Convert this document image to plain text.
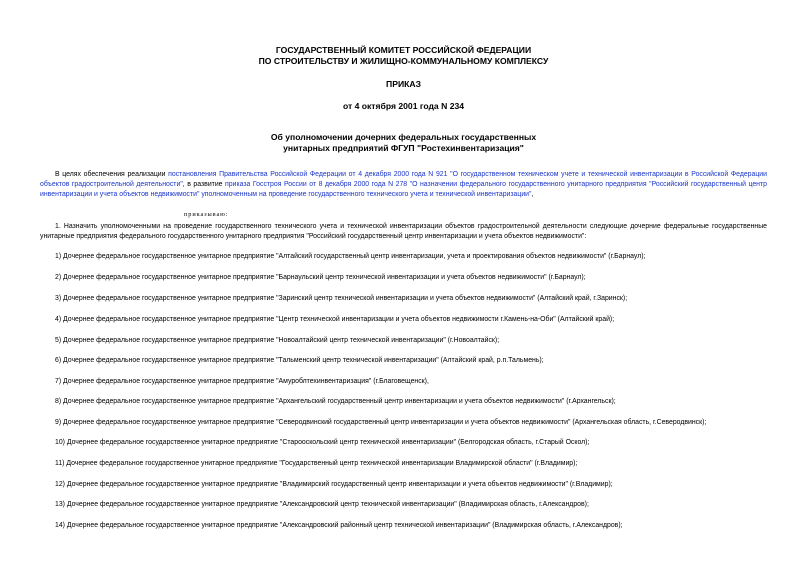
ГОСУДАРСТВЕННЫЙ КОМИТЕТ РОССИЙСКОЙ ФЕДЕРАЦИИ
ПО СТРОИТЕЛЬСТВУ И ЖИЛИЩНО-КОММУНАЛЬНОМУ КОМПЛЕКСУ
ПРИКАЗ
от 4 октября 2001 года N 234
Об уполномочении дочерних федеральных государственных
унитарных предприятий ФГУП "Ростехинвентаризация"
В целях обеспечения реализации постановления Правительства Российской Федерации от 4 декабря 2000 года N 921 "О государственном техническом учете и технической инвентаризации в Российской Федерации объектов градостроительной деятельности", в развитие приказа Госстроя России от 8 декабря 2000 года N 278 "О назначении федерального государственного унитарного предприятия "Российский государственный центр инвентаризации и учета объектов недвижимости" уполномоченным на проведение государственного технического учета и технической инвентаризации",
приказываю:
1. Назначить уполномоченными на проведение государственного технического учета и технической инвентаризации объектов градостроительной деятельности следующие дочерние федеральные государственные унитарные предприятия федерального государственного унитарного предприятия "Российский государственный центр инвентаризации и учета объектов недвижимости":
1) Дочернее федеральное государственное унитарное предприятие "Алтайский государственный центр инвентаризации, учета и проектирования объектов недвижимости" (г.Барнаул);
2) Дочернее федеральное государственное унитарное предприятие "Барнаульский центр технической инвентаризации и учета объектов недвижимости" (г.Барнаул);
3) Дочернее федеральное государственное унитарное предприятие "Заринский центр технической инвентаризации и учета объектов недвижимости" (Алтайский край, г.Заринск);
4) Дочернее федеральное государственное унитарное предприятие "Центр технической инвентаризации и учета объектов недвижимости г.Камень-на-Оби" (Алтайский край);
5) Дочернее федеральное государственное унитарное предприятие "Новоалтайский центр технической инвентаризации" (г.Новоалтайск);
6) Дочернее федеральное государственное унитарное предприятие "Тальменский центр технической инвентаризации" (Алтайский край, р.п.Тальмень);
7) Дочернее федеральное государственное унитарное предприятие "Амуроблтехинвентаризация" (г.Благовещенск),
8) Дочернее федеральное государственное унитарное предприятие "Архангельский государственный центр инвентаризации и учета объектов недвижимости" (г.Архангельск);
9) Дочернее федеральное государственное унитарное предприятие "Северодвинский государственный центр инвентаризации и учета объектов недвижимости" (Архангельская область, г.Северодвинск);
10) Дочернее федеральное государственное унитарное предприятие "Старооскольский центр технической инвентаризации" (Белгородская область, г.Старый Оскол);
11) Дочернее федеральное государственное унитарное предприятие "Государственный центр технической инвентаризации Владимирской области" (г.Владимир);
12) Дочернее федеральное государственное унитарное предприятие "Владимирский государственный центр инвентаризации и учета объектов недвижимости" (г.Владимир);
13) Дочернее федеральное государственное унитарное предприятие "Александровский центр технической инвентаризации" (Владимирская область, г.Александров);
14) Дочернее федеральное государственное унитарное предприятие "Александровский районный центр технической инвентаризации" (Владимирская область, г.Александров);
